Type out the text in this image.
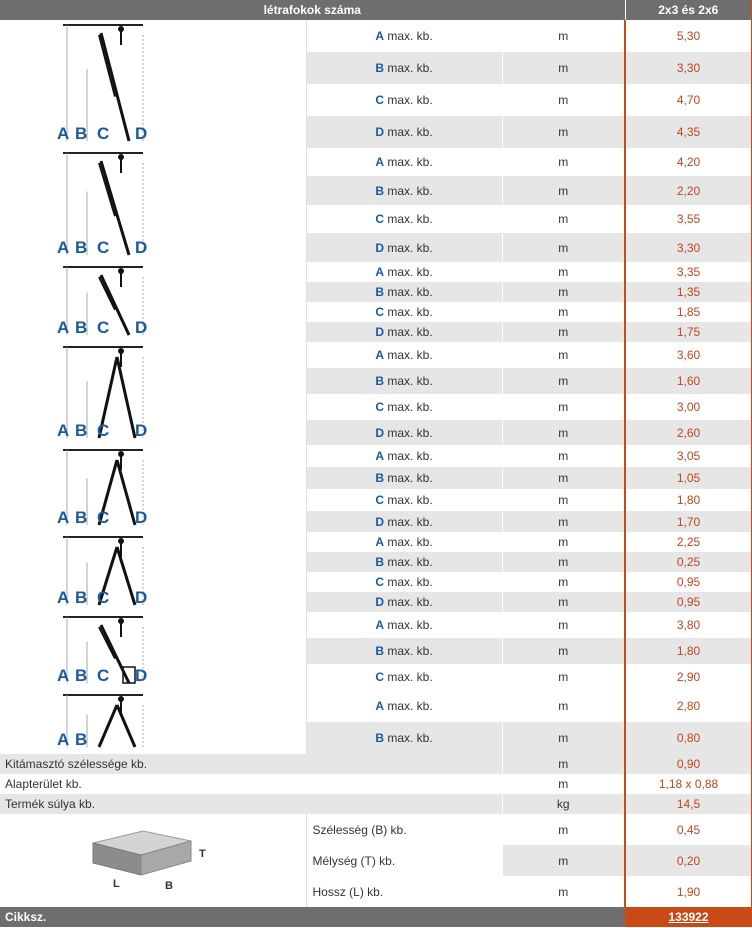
létrafokok száma			2x3 és 2x6

A B C D	A max. kb.	m	5,30
	B max. kb.	m	3,30
	C max. kb.	m	4,70
	D max. kb.	m	4,35

A B C D	A max. kb.	m	4,20
	B max. kb.	m	2,20
	C max. kb.	m	3,55
	D max. kb.	m	3,30

A B C D	A max. kb.	m	3,35
	B max. kb.	m	1,35
	C max. kb.	m	1,85
	D max. kb.	m	1,75

A B C D	A max. kb.	m	3,60
	B max. kb.	m	1,60
	C max. kb.	m	3,00
	D max. kb.	m	2,60

A B C D	A max. kb.	m	3,05
	B max. kb.	m	1,05
	C max. kb.	m	1,80
	D max. kb.	m	1,70

A B C D	A max. kb.	m	2,25
	B max. kb.	m	0,25
	C max. kb.	m	0,95
	D max. kb.	m	0,95

A B C D	A max. kb.	m	3,80
	B max. kb.	m	1,80
	C max. kb.	m	2,90

A B	A max. kb.	m	2,80
	B max. kb.	m	0,80
Kitámasztó szélessége kb.		m	0,90
Alapterület kb.		m	1,18 x 0,88
Termék súlya kb.		kg	14,5

T
L B	Szélesség (B) kb.	m	0,45
	Mélység (T) kb.	m	0,20
	Hossz (L) kb.	m	1,90
Cikksz.			133922
